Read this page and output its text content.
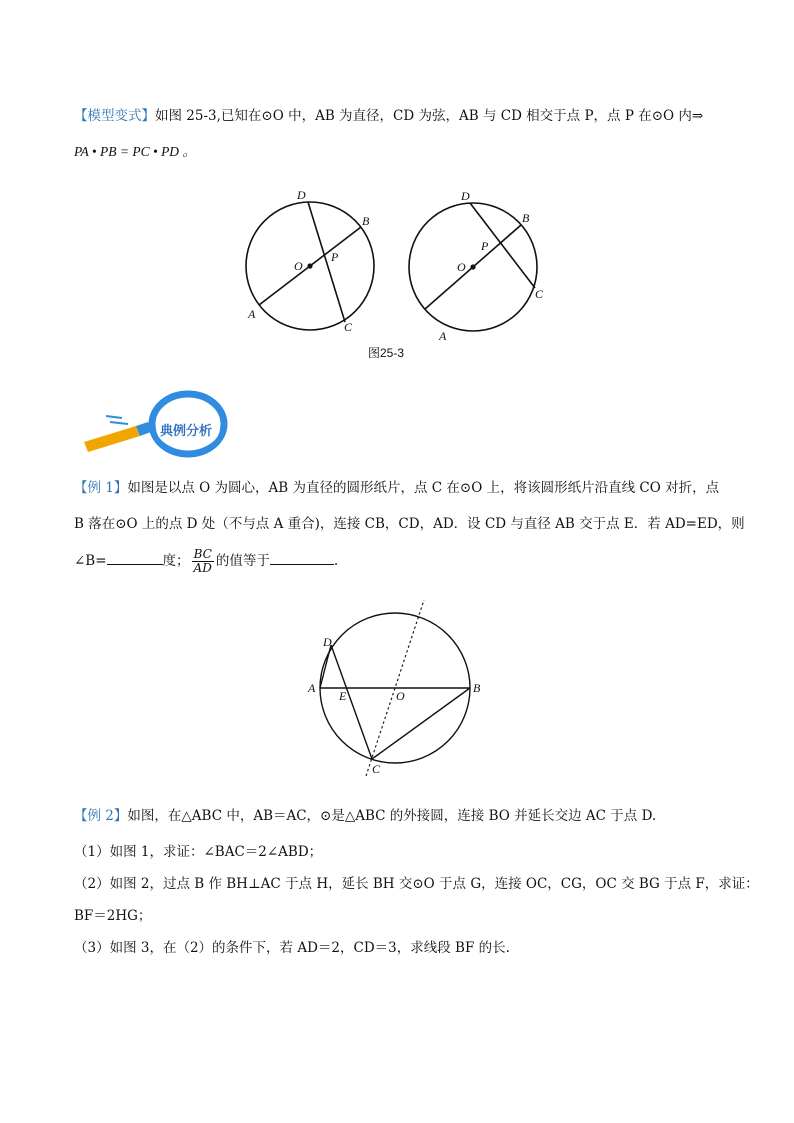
【模型变式】如图 25-3,已知在⊙O 中，AB 为直径，CD 为弦，AB 与 CD 相交于点 P，点 P 在⊙O 内⇒
PA • PB = PC • PD 。
D
B
O
P
A
C
D
B
P
O
C
A
图25-3
典例分析
【例 1】如图是以点 O 为圆心，AB 为直径的圆形纸片，点 C 在⊙O 上，将该圆形纸片沿直线 CO 对折，点
B 落在⊙O 上的点 D 处（不与点 A 重合)，连接 CB，CD，AD．设 CD 与直径 AB 交于点 E．若 AD=ED，则
∠B=	度； $\frac{BC}{AD}$ 的值等于	.
D
A
E	O
B
C
【例 2】如图，在△ABC 中，AB＝AC，⊙是△ABC 的外接圆，连接 BO 并延长交边 AC 于点 D.
（1）如图 1，求证：∠BAC＝2∠ABD；
（2）如图 2，过点 B 作 BH⊥AC 于点 H，延长 BH 交⊙O 于点 G，连接 OC，CG，OC 交 BG 于点 F，求证：
BF＝2HG；
（3）如图 3，在（2）的条件下，若 AD＝2，CD＝3，求线段 BF 的长.
